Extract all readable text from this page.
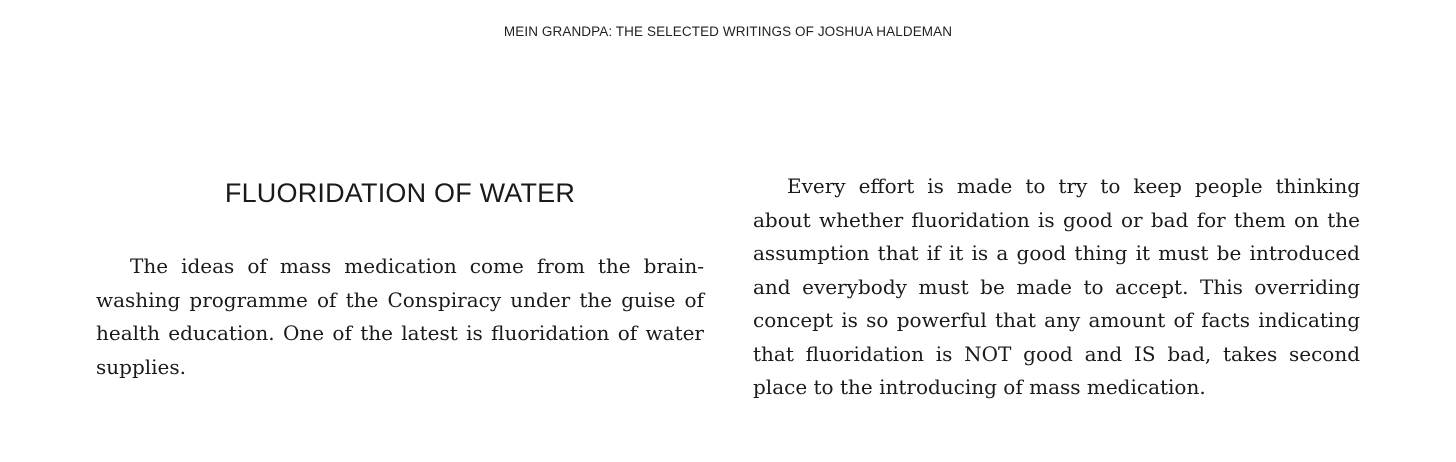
MEIN GRANDPA: THE SELECTED WRITINGS OF JOSHUA HALDEMAN
FLUORIDATION OF WATER

The ideas of mass medication come from the brainwashing programme of the Conspiracy under the guise of health education. One of the latest is fluoridation of water supplies.

Every effort is made to try to keep people thinking about whether fluoridation is good or bad for them on the assumption that if it is a good thing it must be introduced and everybody must be made to accept. This overriding concept is so powerful that any amount of facts indicating that fluoridation is NOT good and IS bad, takes second place to the introducing of mass medication.
